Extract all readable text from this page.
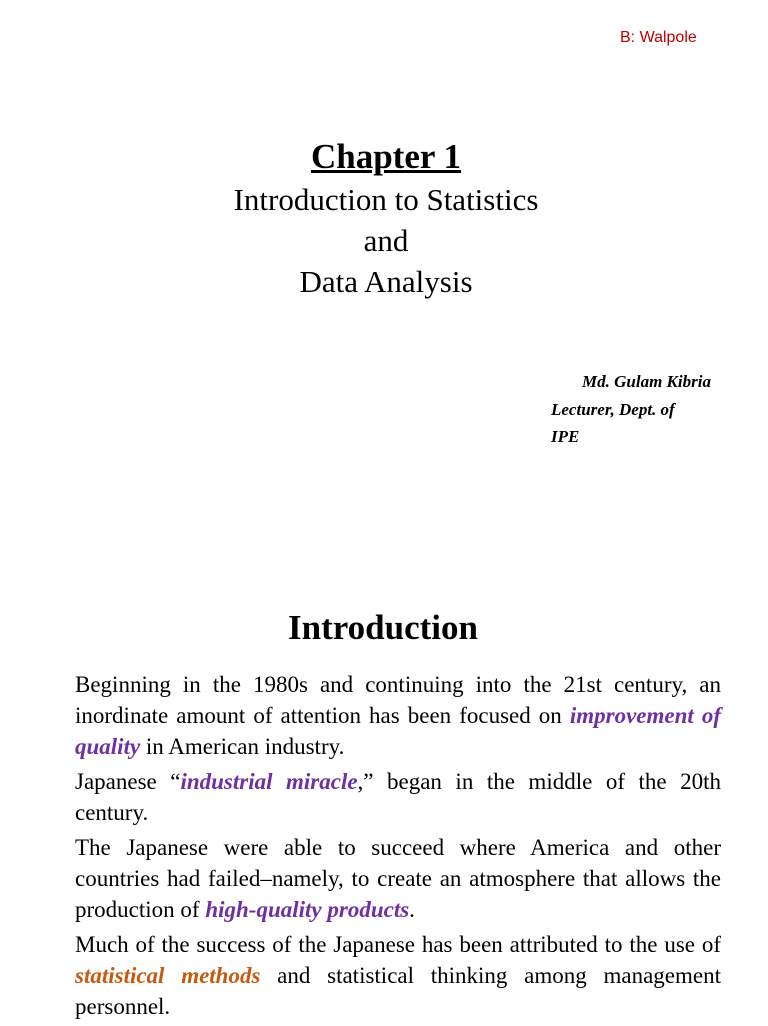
B: Walpole
Chapter 1
Introduction to Statistics
and
Data Analysis
Md. Gulam Kibria
Lecturer, Dept. of
IPE
Introduction
Beginning in the 1980s and continuing into the 21st century, an inordinate amount of attention has been focused on improvement of quality in American industry.
Japanese “industrial miracle,” began in the middle of the 20th century.
The Japanese were able to succeed where America and other countries had failed–namely, to create an atmosphere that allows the production of high-quality products.
Much of the success of the Japanese has been attributed to the use of statistical methods and statistical thinking among management personnel.
